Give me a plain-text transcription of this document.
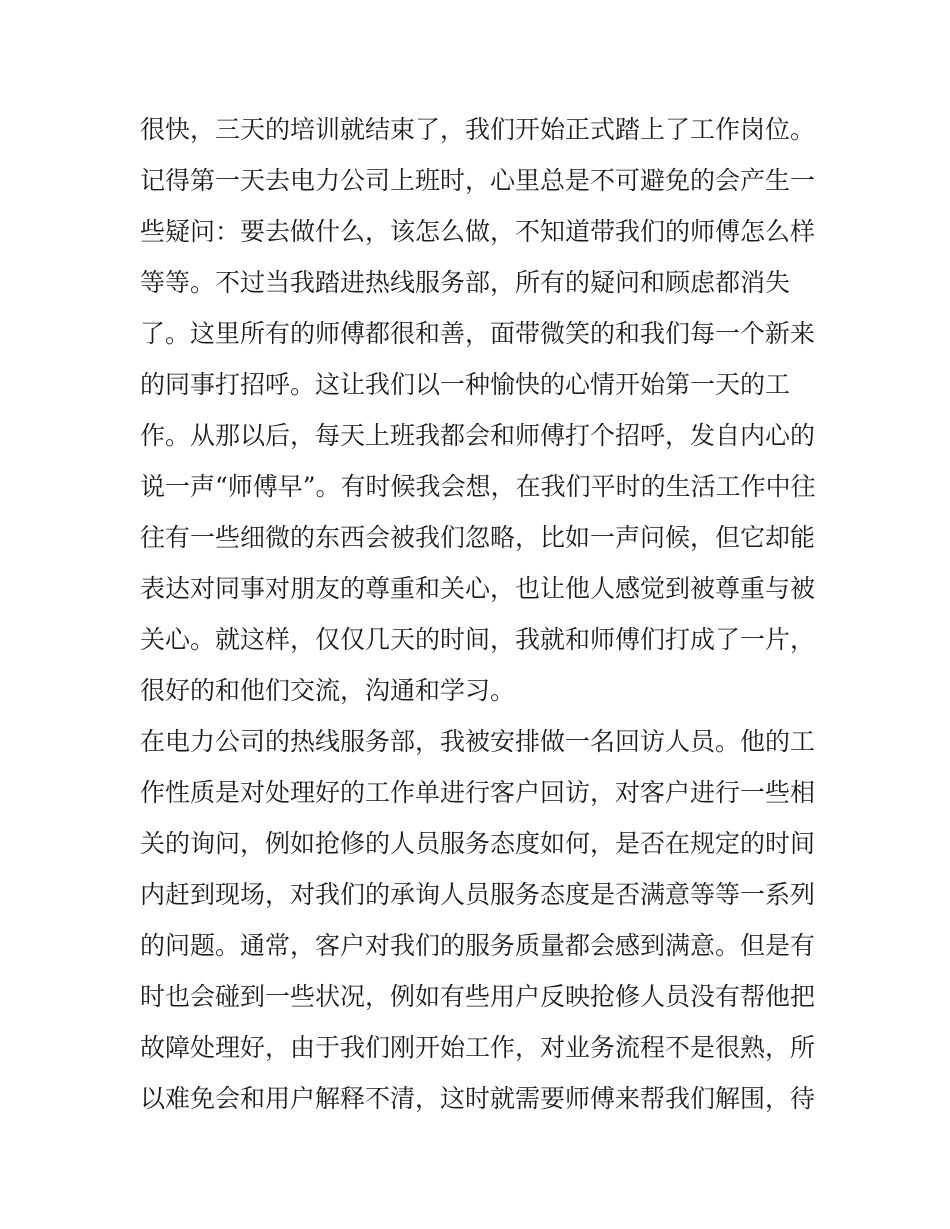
很快，三天的培训就结束了，我们开始正式踏上了工作岗位。
记得第一天去电力公司上班时，心里总是不可避免的会产生一
些疑问：要去做什么，该怎么做，不知道带我们的师傅怎么样
等等。不过当我踏进热线服务部，所有的疑问和顾虑都消失
了。这里所有的师傅都很和善，面带微笑的和我们每一个新来
的同事打招呼。这让我们以一种愉快的心情开始第一天的工
作。从那以后，每天上班我都会和师傅打个招呼，发自内心的
说一声“师傅早”。有时候我会想，在我们平时的生活工作中往
往有一些细微的东西会被我们忽略，比如一声问候，但它却能
表达对同事对朋友的尊重和关心，也让他人感觉到被尊重与被
关心。就这样，仅仅几天的时间，我就和师傅们打成了一片，
很好的和他们交流，沟通和学习。
在电力公司的热线服务部，我被安排做一名回访人员。他的工
作性质是对处理好的工作单进行客户回访，对客户进行一些相
关的询问，例如抢修的人员服务态度如何，是否在规定的时间
内赶到现场，对我们的承询人员服务态度是否满意等等一系列
的问题。通常，客户对我们的服务质量都会感到满意。但是有
时也会碰到一些状况，例如有些用户反映抢修人员没有帮他把
故障处理好，由于我们刚开始工作，对业务流程不是很熟，所
以难免会和用户解释不清，这时就需要师傅来帮我们解围，待
